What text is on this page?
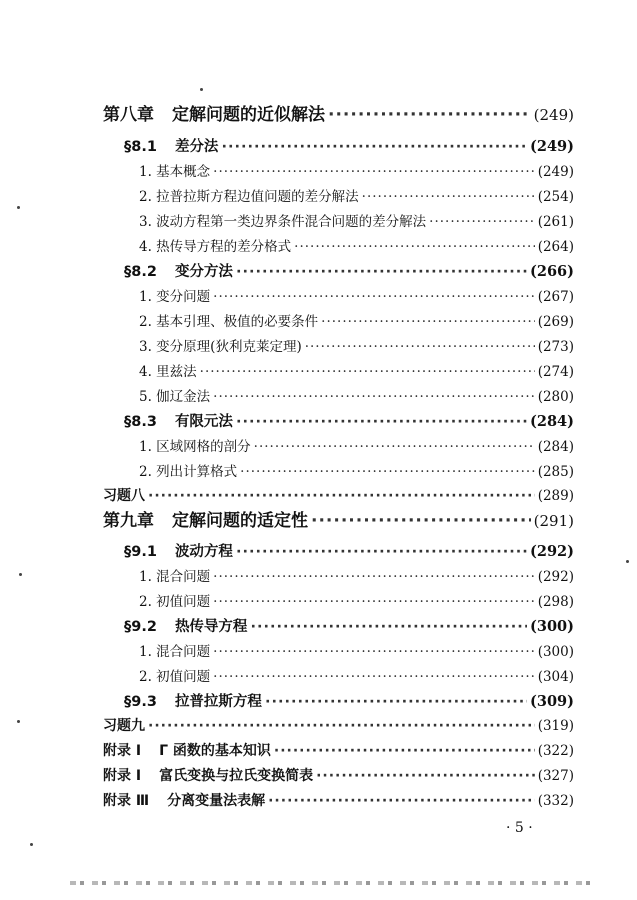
第八章 定解问题的近似解法 ·····	(249)
§8.1 差分法 ·····	(249)
1. 基本概念 ·····	(249)
2. 拉普拉斯方程边值问题的差分解法 ·····	(254)
3. 波动方程第一类边界条件混合问题的差分解法 ·····	(261)
4. 热传导方程的差分格式 ·····	(264)
§8.2 变分方法 ·····	(266)
1. 变分问题 ·····	(267)
2. 基本引理、极值的必要条件 ·····	(269)
3. 变分原理(狄利克莱定理) ·····	(273)
4. 里兹法 ·····	(274)
5. 伽辽金法 ·····	(280)
§8.3 有限元法 ·····	(284)
1. 区域网格的剖分 ·····	(284)
2. 列出计算格式 ·····	(285)
习题八 ·····	(289)
第九章 定解问题的适定性 ·····	(291)
§9.1 波动方程 ·····	(292)
1. 混合问题 ·····	(292)
2. 初值问题 ·····	(298)
§9.2 热传导方程 ·····	(300)
1. 混合问题 ·····	(300)
2. 初值问题 ·····	(304)
§9.3 拉普拉斯方程 ·····	(309)
习题九 ·····	(319)
附录 I Γ 函数的基本知识 ·····	(322)
附录 I 富氏变换与拉氏变换简表 ·····	(327)
附录 Ⅲ 分离变量法表解 ·····	(332)
· 5 ·
